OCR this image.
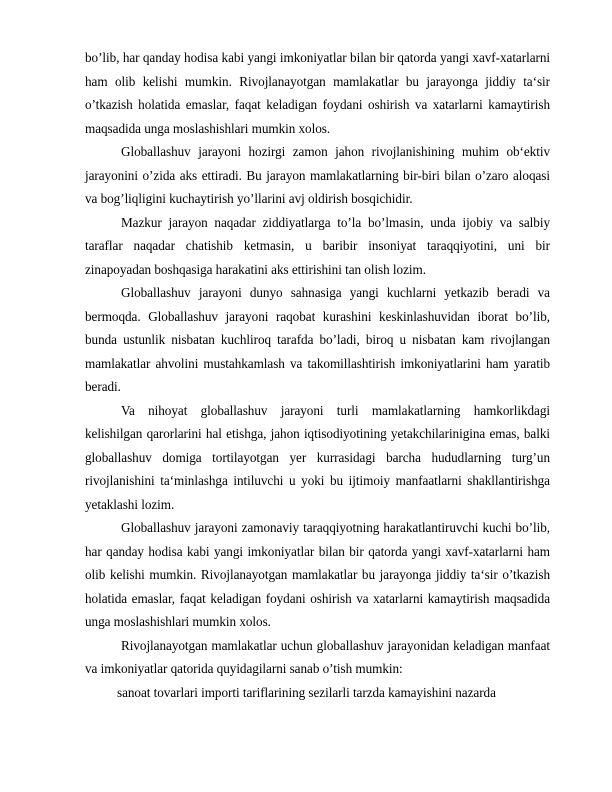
bo’lib, har qanday hodisa kabi yangi imkoniyatlar bilan bir qatorda yangi xavf-xatarlarni ham olib kelishi mumkin. Rivojlanayotgan mamlakatlar bu jarayonga jiddiy ta‘sir o’tkazish holatida emaslar, faqat keladigan foydani oshirish va xatarlarni kamaytirish maqsadida unga moslashishlari mumkin xolos.

Globallashuv jarayoni hozirgi zamon jahon rivojlanishining muhim ob‘ektiv jarayonini o’zida aks ettiradi. Bu jarayon mamlakatlarning bir-biri bilan o’zaro aloqasi va bog’liqligini kuchaytirish yo’llarini avj oldirish bosqichidir.

Mazkur jarayon naqadar ziddiyatlarga to’la bo’lmasin, unda ijobiy va salbiy taraflar naqadar chatishib ketmasin, u baribir insoniyat taraqqiyotini, uni bir zinapoyadan boshqasiga harakatini aks ettirishini tan olish lozim.

Globallashuv jarayoni dunyo sahnasiga yangi kuchlarni yetkazib beradi va bermoqda. Globallashuv jarayoni raqobat kurashini keskinlashuvidan iborat bo’lib, bunda ustunlik nisbatan kuchliroq tarafda bo’ladi, biroq u nisbatan kam rivojlangan mamlakatlar ahvolini mustahkamlash va takomillashtirish imkoniyatlarini ham yaratib beradi.

Va nihoyat globallashuv jarayoni turli mamlakatlarning hamkorlikdagi kelishilgan qarorlarini hal etishga, jahon iqtisodiyotining yetakchilarinigina emas, balki globallashuv domiga tortilayotgan yer kurrasidagi barcha hududlarning turg’un rivojlanishini ta‘minlashga intiluvchi u yoki bu ijtimoiy manfaatlarni shakllantirishga yetaklashi lozim.

Globallashuv jarayoni zamonaviy taraqqiyotning harakatlantiruvchi kuchi bo’lib, har qanday hodisa kabi yangi imkoniyatlar bilan bir qatorda yangi xavf-xatarlarni ham olib kelishi mumkin. Rivojlanayotgan mamlakatlar bu jarayonga jiddiy ta‘sir o’tkazish holatida emaslar, faqat keladigan foydani oshirish va xatarlarni kamaytirish maqsadida unga moslashishlari mumkin xolos.

Rivojlanayotgan mamlakatlar uchun globallashuv jarayonidan keladigan manfaat va imkoniyatlar qatorida quyidagilarni sanab o’tish mumkin:

sanoat tovarlari importi tariflarining sezilarli tarzda kamayishini nazarda
